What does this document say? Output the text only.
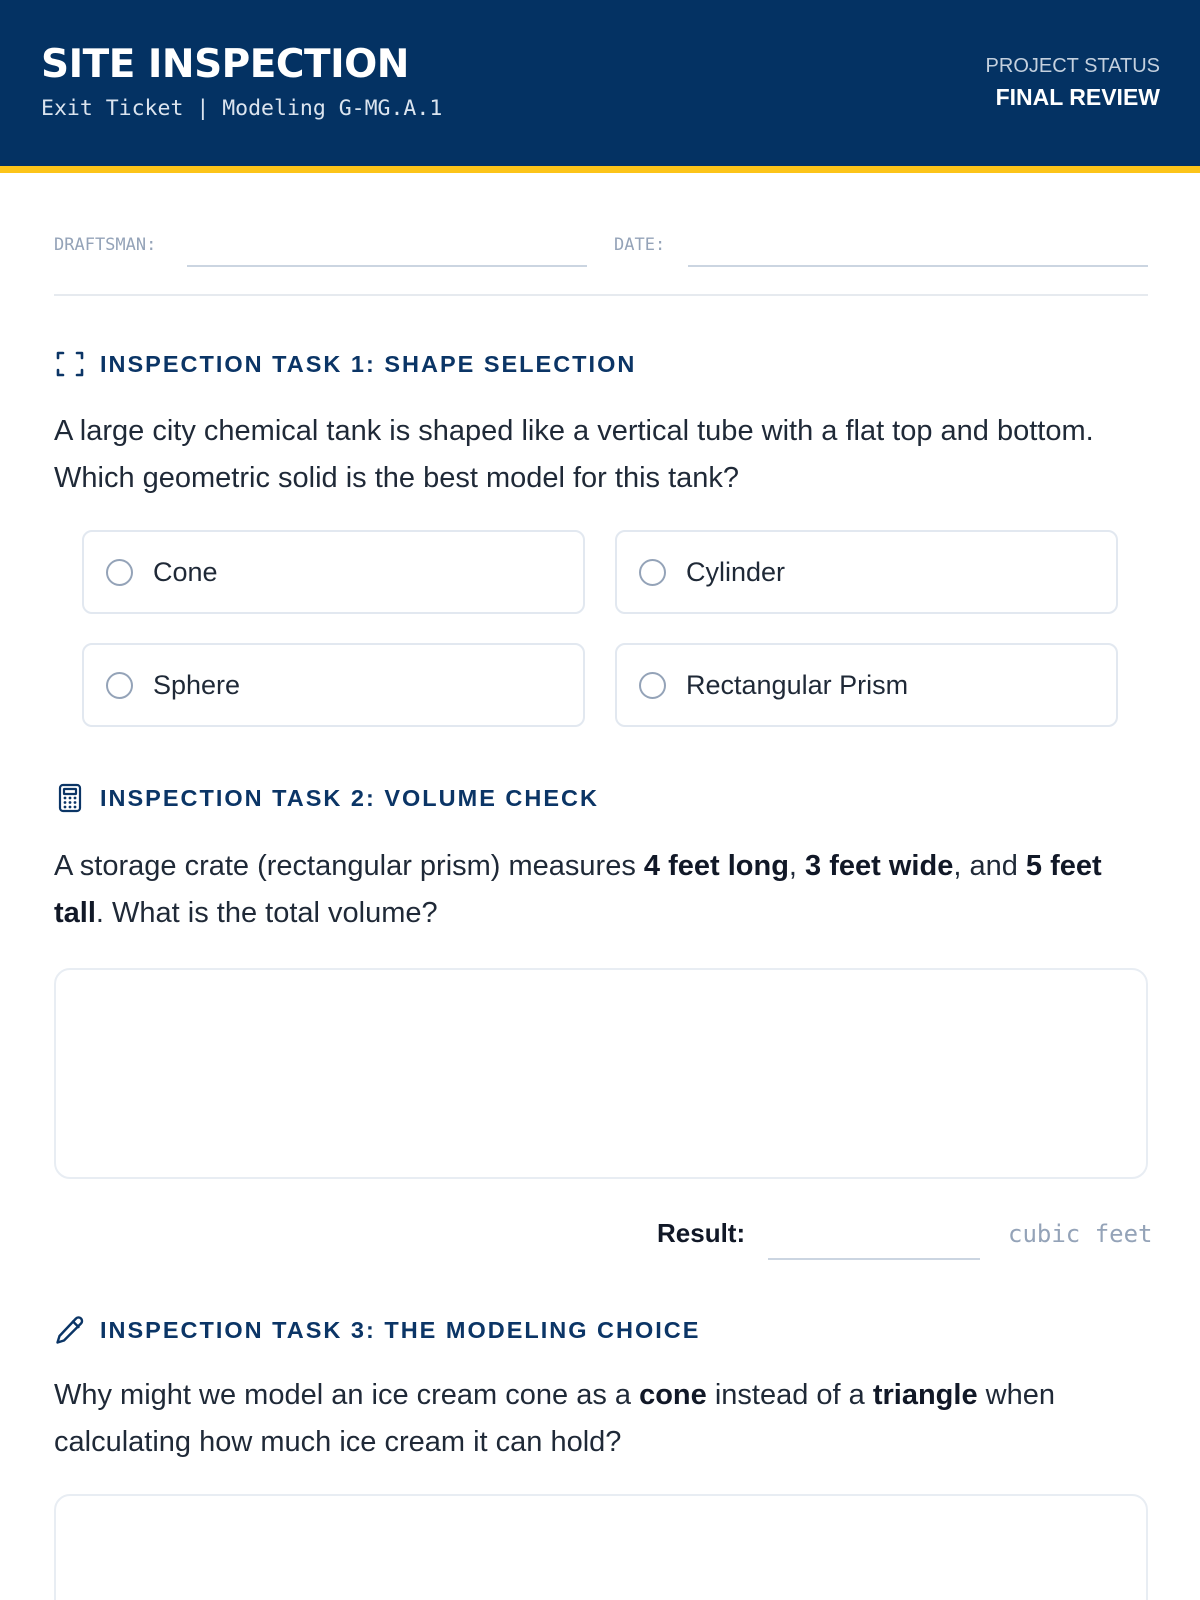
SITE INSPECTION
Exit Ticket | Modeling G-MG.A.1
PROJECT STATUS
FINAL REVIEW
DRAFTSMAN:	DATE:
INSPECTION TASK 1: SHAPE SELECTION
A large city chemical tank is shaped like a vertical tube with a flat top and bottom. Which geometric solid is the best model for this tank?
Cone	Cylinder
Sphere	Rectangular Prism
INSPECTION TASK 2: VOLUME CHECK
A storage crate (rectangular prism) measures 4 feet long, 3 feet wide, and 5 feet tall. What is the total volume?
Result:	cubic feet
INSPECTION TASK 3: THE MODELING CHOICE
Why might we model an ice cream cone as a cone instead of a triangle when calculating how much ice cream it can hold?
